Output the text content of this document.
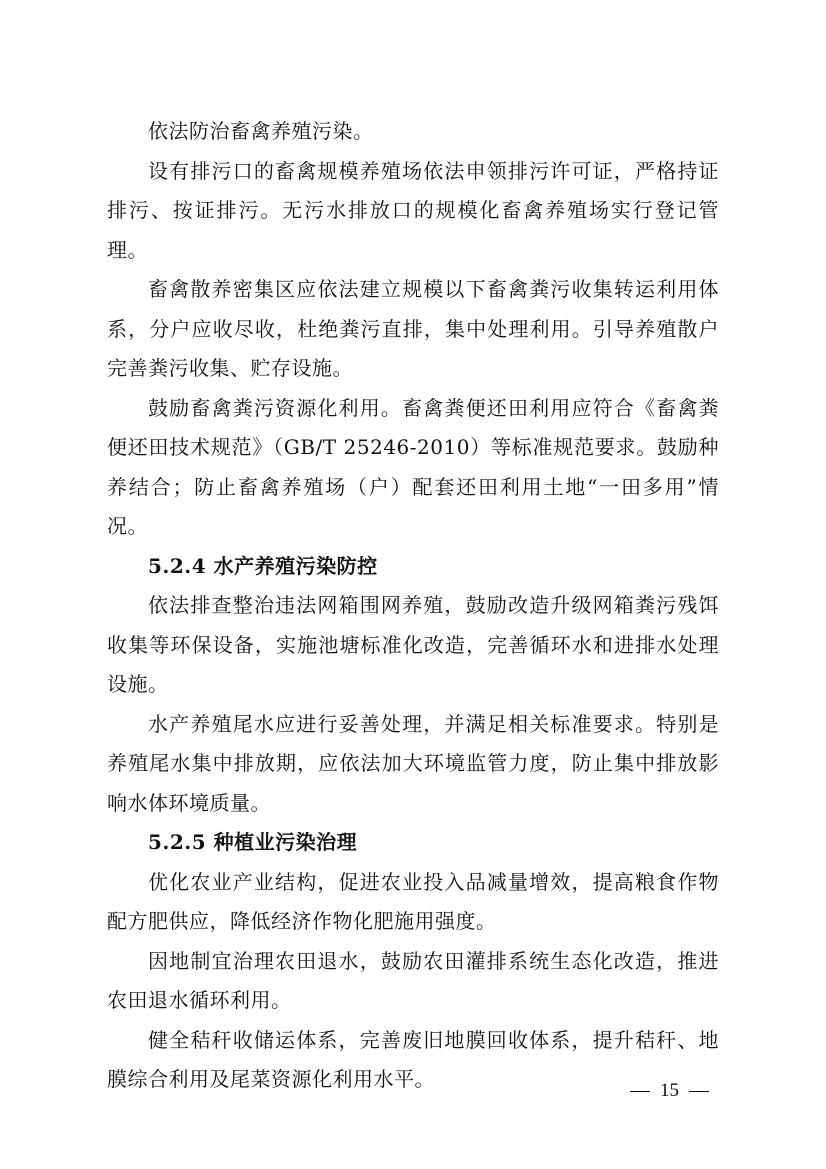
依法防治畜禽养殖污染。

设有排污口的畜禽规模养殖场依法申领排污许可证，严格持证排污、按证排污。无污水排放口的规模化畜禽养殖场实行登记管理。

畜禽散养密集区应依法建立规模以下畜禽粪污收集转运利用体系，分户应收尽收，杜绝粪污直排，集中处理利用。引导养殖散户完善粪污收集、贮存设施。

鼓励畜禽粪污资源化利用。畜禽粪便还田利用应符合《畜禽粪便还田技术规范》（GB/T 25246-2010）等标准规范要求。鼓励种养结合；防止畜禽养殖场（户）配套还田利用土地“一田多用”情况。

5.2.4 水产养殖污染防控

依法排查整治违法网箱围网养殖，鼓励改造升级网箱粪污残饵收集等环保设备，实施池塘标准化改造，完善循环水和进排水处理设施。

水产养殖尾水应进行妥善处理，并满足相关标准要求。特别是养殖尾水集中排放期，应依法加大环境监管力度，防止集中排放影响水体环境质量。

5.2.5 种植业污染治理

优化农业产业结构，促进农业投入品减量增效，提高粮食作物配方肥供应，降低经济作物化肥施用强度。

因地制宜治理农田退水，鼓励农田灌排系统生态化改造，推进农田退水循环利用。

健全秸秆收储运体系，完善废旧地膜回收体系，提升秸秆、地膜综合利用及尾菜资源化利用水平。	15
